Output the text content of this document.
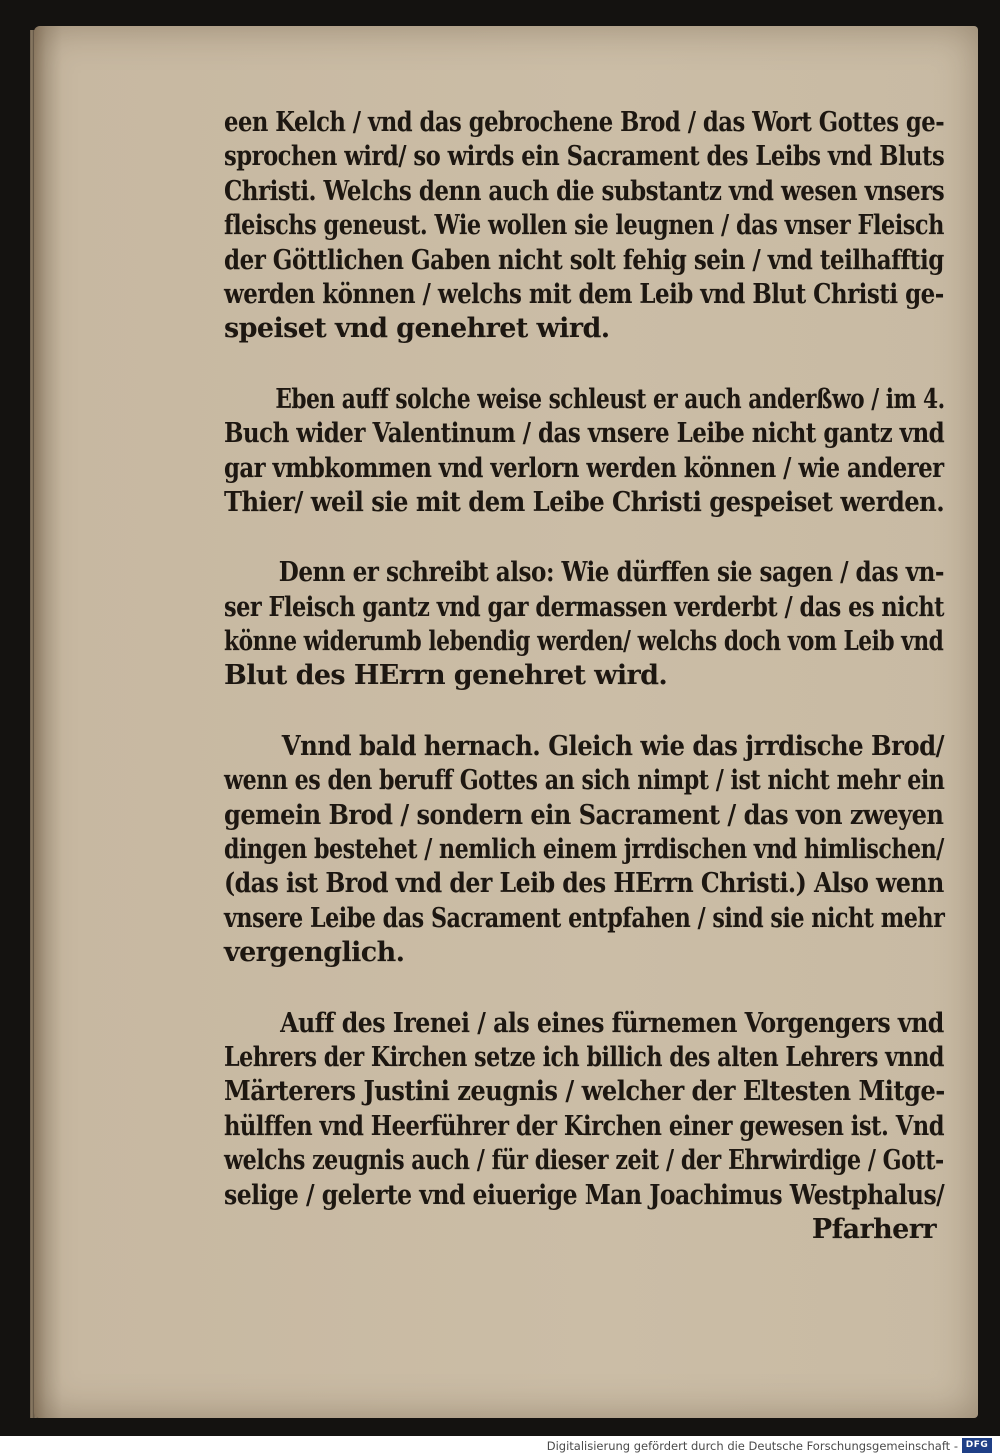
een Kelch / vnd das gebrochene Brod / das Wort Gottes ge-
sprochen wird/ so wirds ein Sacrament des Leibs vnd Bluts
Christi. Welchs denn auch die substantz vnd wesen vnsers
fleischs geneust. Wie wollen sie leugnen / das vnser Fleisch
der Göttlichen Gaben nicht solt fehig sein / vnd teilhafftig
werden können / welchs mit dem Leib vnd Blut Christi ge-
speiset vnd genehret wird.
Eben auff solche weise schleust er auch anderßwo / im 4.
Buch wider Valentinum / das vnsere Leibe nicht gantz vnd
gar vmbkommen vnd verlorn werden können / wie anderer
Thier/ weil sie mit dem Leibe Christi gespeiset werden.
Denn er schreibt also: Wie dürffen sie sagen / das vn-
ser Fleisch gantz vnd gar dermassen verderbt / das es nicht
könne widerumb lebendig werden/ welchs doch vom Leib vnd
Blut des HErrn genehret wird.
Vnnd bald hernach. Gleich wie das jrrdische Brod/
wenn es den beruff Gottes an sich nimpt / ist nicht mehr ein
gemein Brod / sondern ein Sacrament / das von zweyen
dingen bestehet / nemlich einem jrrdischen vnd himlischen/
(das ist Brod vnd der Leib des HErrn Christi.) Also wenn
vnsere Leibe das Sacrament entpfahen / sind sie nicht mehr
vergenglich.
Auff des Irenei / als eines fürnemen Vorgengers vnd
Lehrers der Kirchen setze ich billich des alten Lehrers vnnd
Märterers Justini zeugnis / welcher der Eltesten Mitge-
hülffen vnd Heerführer der Kirchen einer gewesen ist. Vnd
welchs zeugnis auch / für dieser zeit / der Ehrwirdige / Gott-
selige / gelerte vnd eiuerige Man Joachimus Westphalus/
Pfarherr
Digitalisierung gefördert durch die Deutsche Forschungsgemeinschaft - DFG
